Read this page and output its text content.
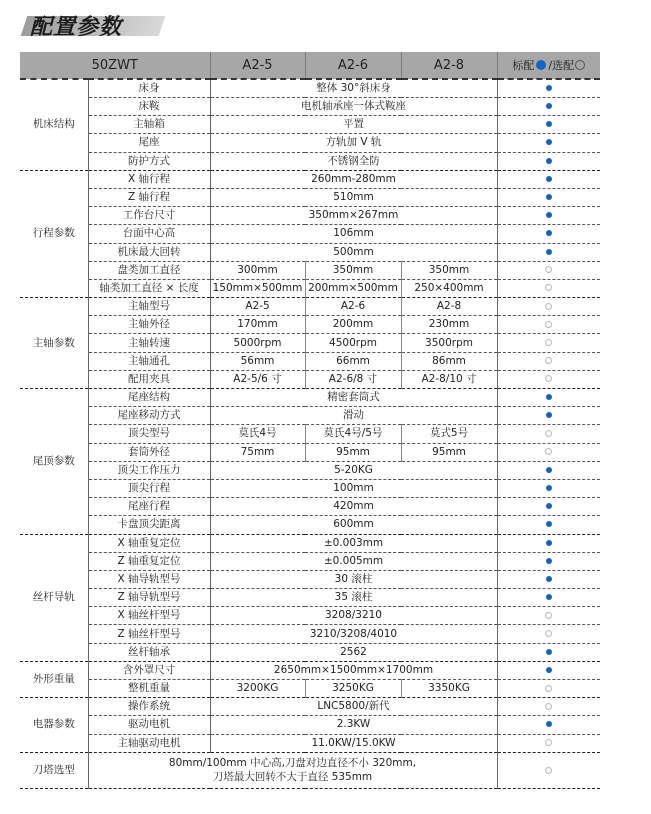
配置参数
50ZWT		A2-5	A2-6	A2-8	标配 /选配
机床结构	床身	整体 30°斜床身			
	床鞍	电机轴承座一体式鞍座			
	主轴箱	平置			
	尾座	方轨加 V 轨			
	防护方式	不锈钢全防			
行程参数	X 轴行程	260mm-280mm			
	Z 轴行程	510mm			
	工作台尺寸	350mm×267mm			
	台面中心高	106mm			
	机床最大回转	500mm			
	盘类加工直径	300mm	350mm	350mm	
	轴类加工直径 × 长度	150mm×500mm	200mm×500mm	250×400mm	
主轴参数	主轴型号	A2-5	A2-6	A2-8	
	主轴外径	170mm	200mm	230mm	
	主轴转速	5000rpm	4500rpm	3500rpm	
	主轴通孔	56mm	66mm	86mm	
	配用夹具	A2-5/6 寸	A2-6/8 寸	A2-8/10 寸	
尾顶参数	尾座结构	精密套筒式			
	尾座移动方式	滑动			
	顶尖型号	莫氏4号	莫氏4号/5号	莫式5号	
	套筒外径	75mm	95mm	95mm	
	顶尖工作压力	5-20KG			
	顶尖行程	100mm			
	尾座行程	420mm			
	卡盘顶尖距离	600mm			
丝杆导轨	X 轴重复定位	±0.003mm			
	Z 轴重复定位	±0.005mm			
	X 轴导轨型号	30 滚柱			
	Z 轴导轨型号	35 滚柱			
	X 轴丝杆型号	3208/3210			
	Z 轴丝杆型号	3210/3208/4010			
	丝杆轴承	2562			
外形重量	含外罩尺寸	2650mm×1500mm×1700mm			
	整机重量	3200KG	3250KG	3350KG	
电器参数	操作系统	LNC5800/新代			
	驱动电机	2.3KW			
	主轴驱动电机	11.0KW/15.0KW			
刀塔选型	80mm/100mm 中心高,刀盘对边直径不小 320mm,
刀塔最大回转不大于直径 535mm				
